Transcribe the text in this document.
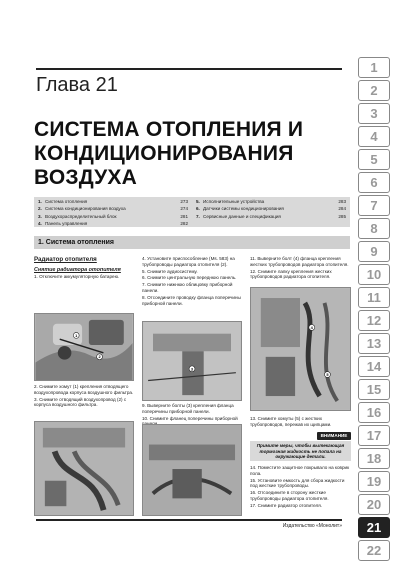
Глава 21
СИСТЕМА ОТОПЛЕНИЯ И КОНДИЦИОНИРОВАНИЯ ВОЗДУХА
1. Система отопления	273
2. Система кондиционирования воздуха	274
3. Воздухораспределительный блок	281
4. Панель управления	282
5. Исполнительные устройства	283
6. Датчики системы кондиционирования	284
7. Сервисные данные и спецификация	285
1. Система отопления
Радиатор отопителя
Снятие радиатора отопителя
1. Отключите аккумуляторную батарею.
2. Снимите хомут (1) крепления отводящего воздухопровода корпуса воздушного фильтра.
3. Снимите отводящий воздухопровод (2) с корпуса воздушного фильтра.
4. Установите приспособление (Ms. 583) на трубопроводы радиатора отопителя (2).
5. Снимите аудиосистему.
6. Снимите центральную переднюю панель.
7. Снимите нижнюю облицовку приборной панели.
8. Отсоедините проводку фланца поперечины приборной панели.
9. Выверните болты (3) крепления фланца поперечины приборной панели.
10. Снимите фланец поперечины приборной
11. Выверните болт (4) фланца крепления жестких трубопроводов радиатора отопителя.
12. Снимите лапку крепления жестких трубопроводов радиатора отопителя.
13. Снимите хомуты (5) с жестких трубопроводов, пережав их щипцами.
ВНИМАНИЕ
Примите меры, чтобы вытекающая тормозная жидкость не попала на окружающие детали.
14. Поместите защитное покрывало на коврик пола.
15. Установите емкость для сбора жидкости под жесткие трубопроводы.
16. Отсоедините в сторону жесткие трубопроводы радиатора отопителя.
17. Снимите радиатор отопителя.
1
2
3
4
5
Издательство «Монолит»
1
2
3
4
5
6
7
8
9
10
11
12
13
14
15
16
17
18
19
20
21
22
